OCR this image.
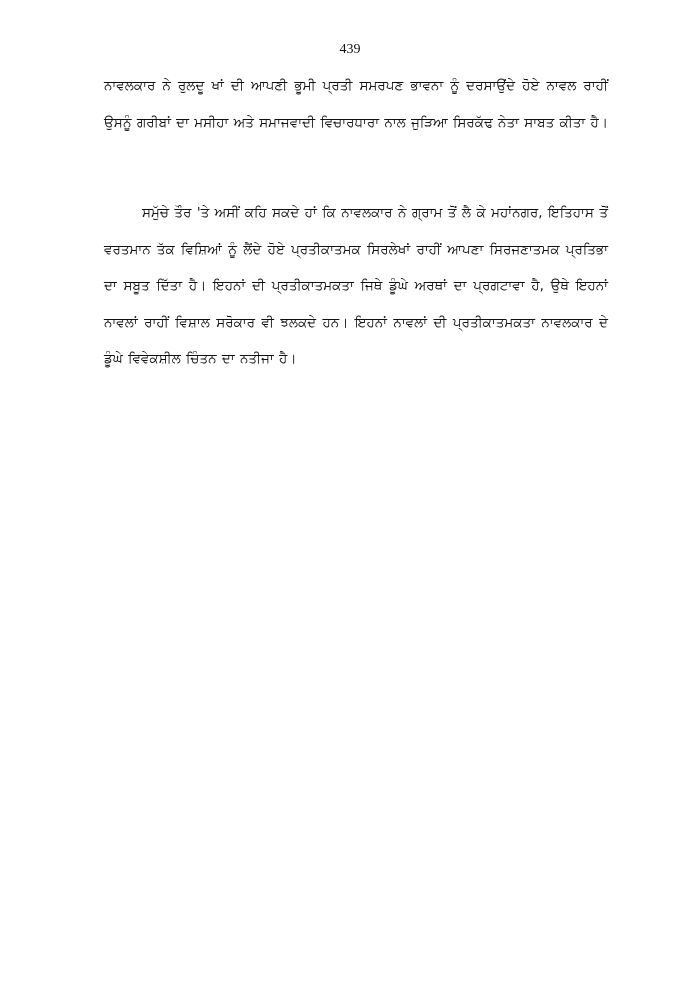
439

ਨਾਵਲਕਾਰ ਨੇ ਰੁਲਦੂ ਖਾਂ ਦੀ ਆਪਣੀ ਭੂਮੀ ਪ੍ਰਤੀ ਸਮਰਪਣ ਭਾਵਨਾ ਨੂੰ ਦਰਸਾਉਂਦੇ ਹੋਏ ਨਾਵਲ ਰਾਹੀਂ ਉਸਨੂੰ ਗਰੀਬਾਂ ਦਾ ਮਸੀਹਾ ਅਤੇ ਸਮਾਜਵਾਦੀ ਵਿਚਾਰਧਾਰਾ ਨਾਲ ਜੁੜਿਆ ਸਿਰਕੱਢ ਨੇਤਾ ਸਾਬਤ ਕੀਤਾ ਹੈ।

ਸਮੁੱਚੇ ਤੌਰ 'ਤੇ ਅਸੀਂ ਕਹਿ ਸਕਦੇ ਹਾਂ ਕਿ ਨਾਵਲਕਾਰ ਨੇ ਗ੍ਰਾਮ ਤੋਂ ਲੈ ਕੇ ਮਹਾਂਨਗਰ, ਇਤਿਹਾਸ ਤੋਂ ਵਰਤਮਾਨ ਤੱਕ ਵਿਸ਼ਿਆਂ ਨੂੰ ਲੈਂਦੇ ਹੋਏ ਪ੍ਰਤੀਕਾਤਮਕ ਸਿਰਲੇਖਾਂ ਰਾਹੀਂ ਆਪਣਾ ਸਿਰਜਣਾਤਮਕ ਪ੍ਰਤਿਭਾ ਦਾ ਸਬੂਤ ਦਿੱਤਾ ਹੈ। ਇਹਨਾਂ ਦੀ ਪ੍ਰਤੀਕਾਤਮਕਤਾ ਜਿਥੇ ਡੂੰਘੇ ਅਰਥਾਂ ਦਾ ਪ੍ਰਗਟਾਵਾ ਹੈ, ਉਥੇ ਇਹਨਾਂ ਨਾਵਲਾਂ ਰਾਹੀਂ ਵਿਸ਼ਾਲ ਸਰੋਕਾਰ ਵੀ ਝਲਕਦੇ ਹਨ। ਇਹਨਾਂ ਨਾਵਲਾਂ ਦੀ ਪ੍ਰਤੀਕਾਤਮਕਤਾ ਨਾਵਲਕਾਰ ਦੇ ਡੂੰਘੇ ਵਿਵੇਕਸ਼ੀਲ ਚਿੰਤਨ ਦਾ ਨਤੀਜਾ ਹੈ।
